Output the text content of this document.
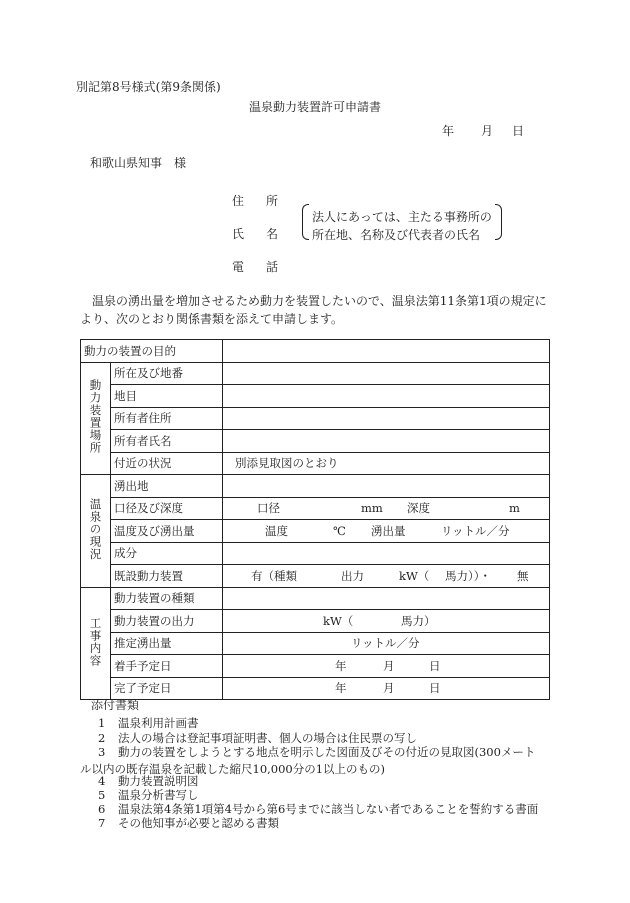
別記第8号様式(第9条関係)
温泉動力装置許可申請書
年 月 日
和歌山県知事　様
住 所
氏 名
電 話
法人にあっては、主たる事務所の
所在地、名称及び代表者の氏名
温泉の湧出量を増加させるため動力を装置したいので、温泉法第11条第1項の規定により、次のとおり関係書類を添えて申請します。
動力の装置の目的		
動力装置場所	所在及び地番	
	地目	
	所有者住所	
	所有者氏名	
	付近の状況	別添見取図のとおり

温泉の現況	湧出地	
	口径及び深度	口径 mm 深度 m

	温度及び湧出量	温度 ℃ 湧出量 リットル／分

	成分	
	既設動力装置	有（種類 出力 kW（ 馬力））・ 無

工事内容	動力装置の種類	
	動力装置の出力	kW（ 馬力）

	推定湧出量	リットル／分

	着手予定日	年 月 日

	完了予定日	年 月 日
添付書類
1 温泉利用計画書
2 法人の場合は登記事項証明書、個人の場合は住民票の写し
3 動力の装置をしようとする地点を明示した図面及びその付近の見取図(300メート
ル以内の既存温泉を記載した縮尺10,000分の1以上のもの)
4 動力装置説明図
5 温泉分析書写し
6 温泉法第4条第1項第4号から第6号までに該当しない者であることを誓約する書面
7 その他知事が必要と認める書類
